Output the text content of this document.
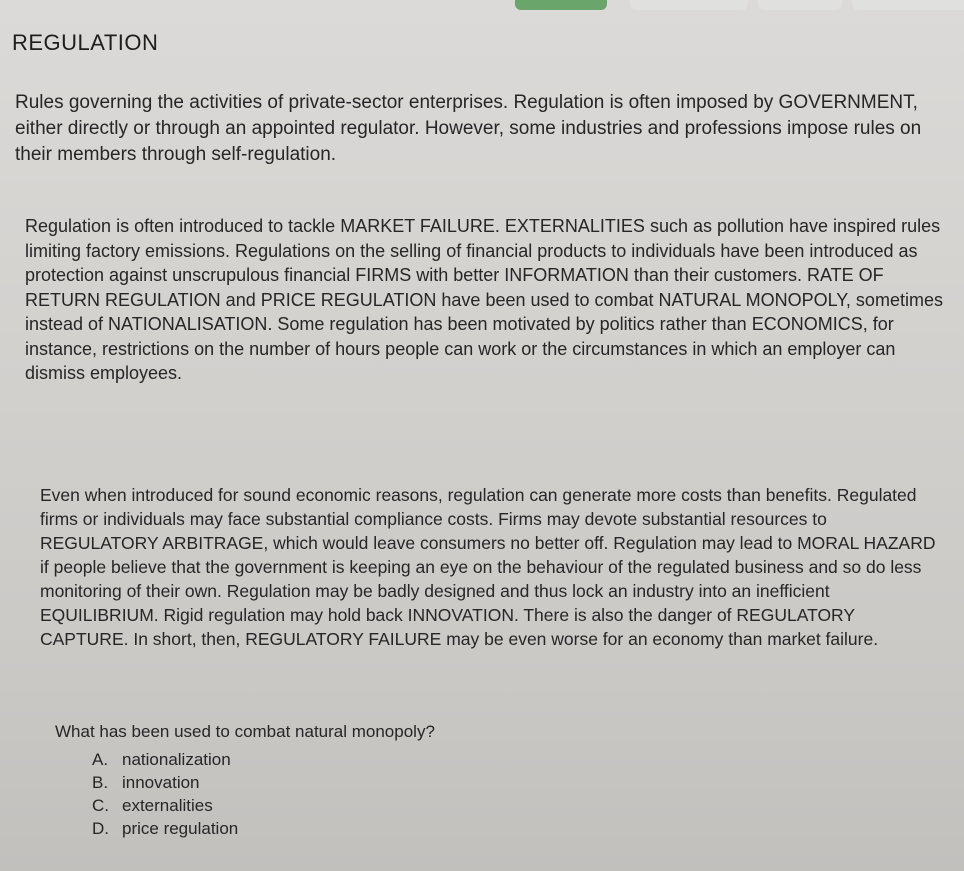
REGULATION

Rules governing the activities of private-sector enterprises. Regulation is often imposed by GOVERNMENT, either directly or through an appointed regulator. However, some industries and professions impose rules on their members through self-regulation.

Regulation is often introduced to tackle MARKET FAILURE. EXTERNALITIES such as pollution have inspired rules limiting factory emissions. Regulations on the selling of financial products to individuals have been introduced as protection against unscrupulous financial FIRMS with better INFORMATION than their customers. RATE OF RETURN REGULATION and PRICE REGULATION have been used to combat NATURAL MONOPOLY, sometimes instead of NATIONALISATION. Some regulation has been motivated by politics rather than ECONOMICS, for instance, restrictions on the number of hours people can work or the circumstances in which an employer can dismiss employees.

Even when introduced for sound economic reasons, regulation can generate more costs than benefits. Regulated firms or individuals may face substantial compliance costs. Firms may devote substantial resources to REGULATORY ARBITRAGE, which would leave consumers no better off. Regulation may lead to MORAL HAZARD if people believe that the government is keeping an eye on the behaviour of the regulated business and so do less monitoring of their own. Regulation may be badly designed and thus lock an industry into an inefficient EQUILIBRIUM. Rigid regulation may hold back INNOVATION. There is also the danger of REGULATORY CAPTURE. In short, then, REGULATORY FAILURE may be even worse for an economy than market failure.

What has been used to combat natural monopoly?
A. nationalization
B. innovation
C. externalities
D. price regulation
